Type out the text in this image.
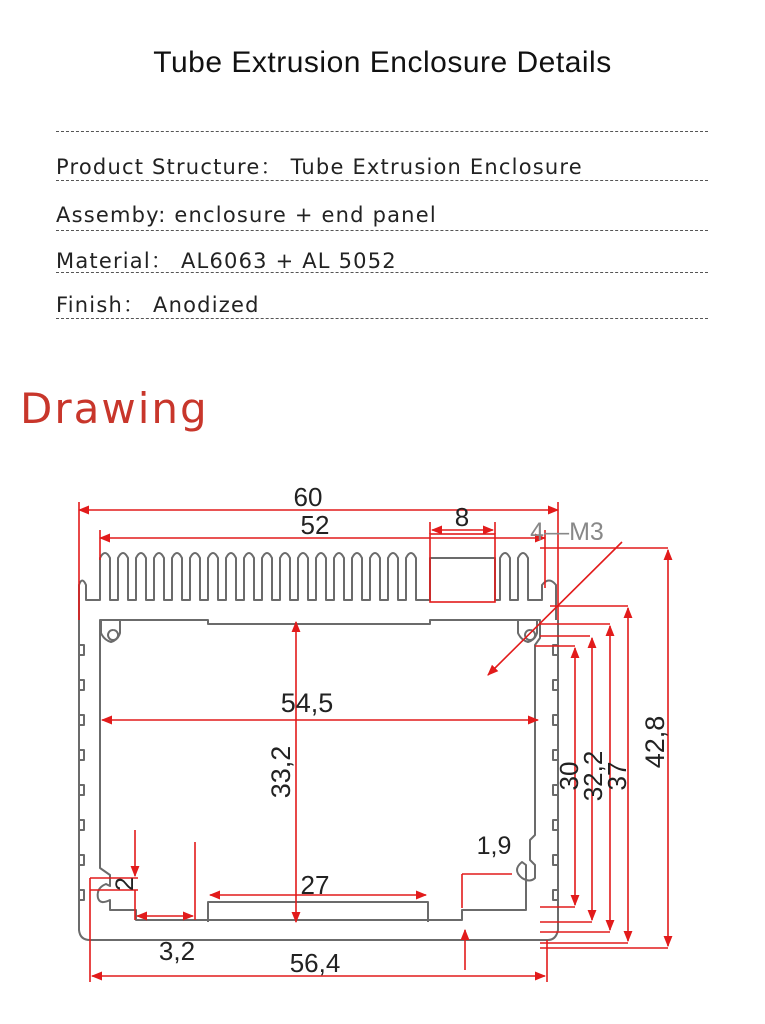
Tube Extrusion Enclosure Details
Product Structure： Tube Extrusion Enclosure
Assemby: enclosure + end panel
Material： AL6063 + AL 5052
Finish： Anodized
Drawing
60
52	8 4—M3
54,5
33,2	30
32,2
37
42,8
1,9
2	27
3,2	56,4
